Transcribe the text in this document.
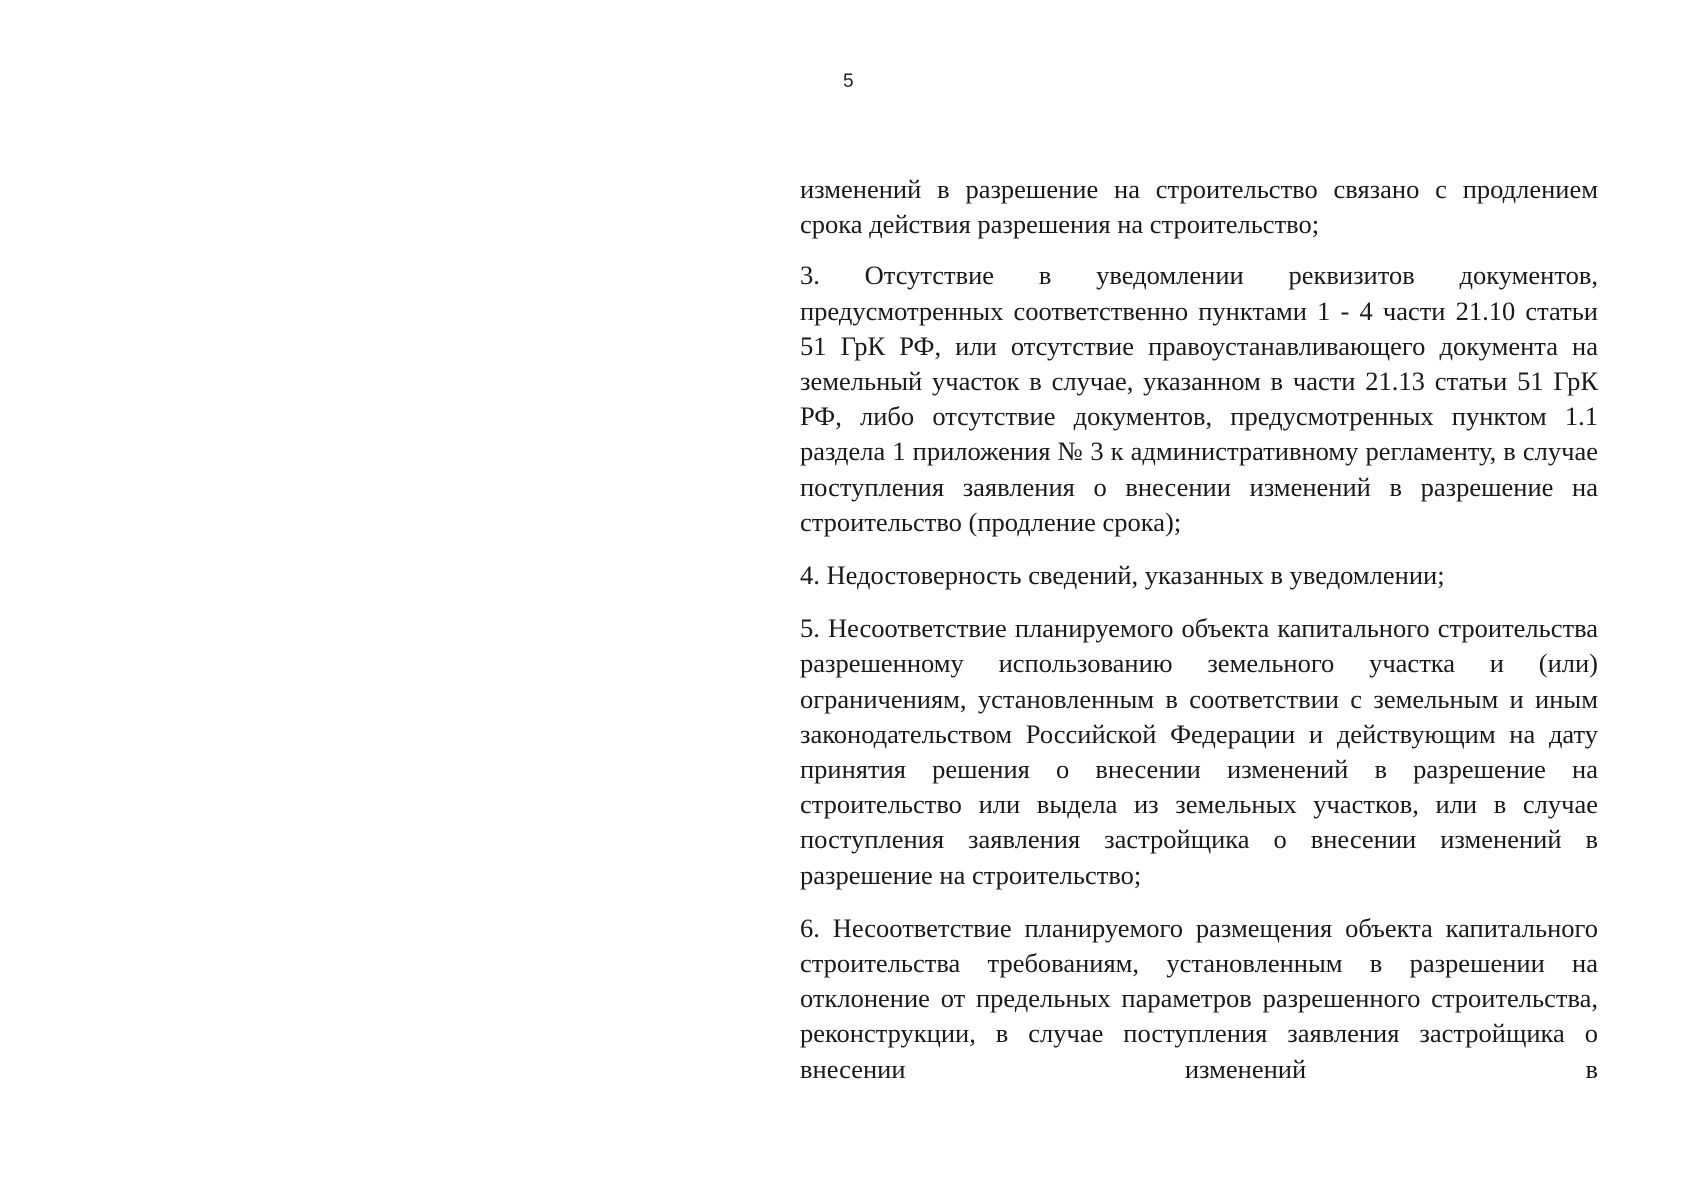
5

изменений в разрешение на строительство связано с продлением срока действия разрешения на строительство;

3. Отсутствие в уведомлении реквизитов документов, предусмотренных соответственно пунктами 1 - 4 части 21.10 статьи 51 ГрК РФ, или отсутствие правоустанавливающего документа на земельный участок в случае, указанном в части 21.13 статьи 51 ГрК РФ, либо отсутствие документов, предусмотренных пунктом 1.1 раздела 1 приложения № 3 к административному регламенту, в случае поступления заявления о внесении изменений в разрешение на строительство (продление срока);

4. Недостоверность сведений, указанных в уведомлении;

5. Несоответствие планируемого объекта капитального строительства разрешенному использованию земельного участка и (или) ограничениям, установленным в соответствии с земельным и иным законодательством Российской Федерации и действующим на дату принятия решения о внесении изменений в разрешение на строительство или выдела из земельных участков, или в случае поступления заявления застройщика о внесении изменений в разрешение на строительство;

6. Несоответствие планируемого размещения объекта капитального строительства требованиям, установленным в разрешении на отклонение от предельных параметров разрешенного строительства, реконструкции, в случае поступления заявления застройщика о внесении изменений в
